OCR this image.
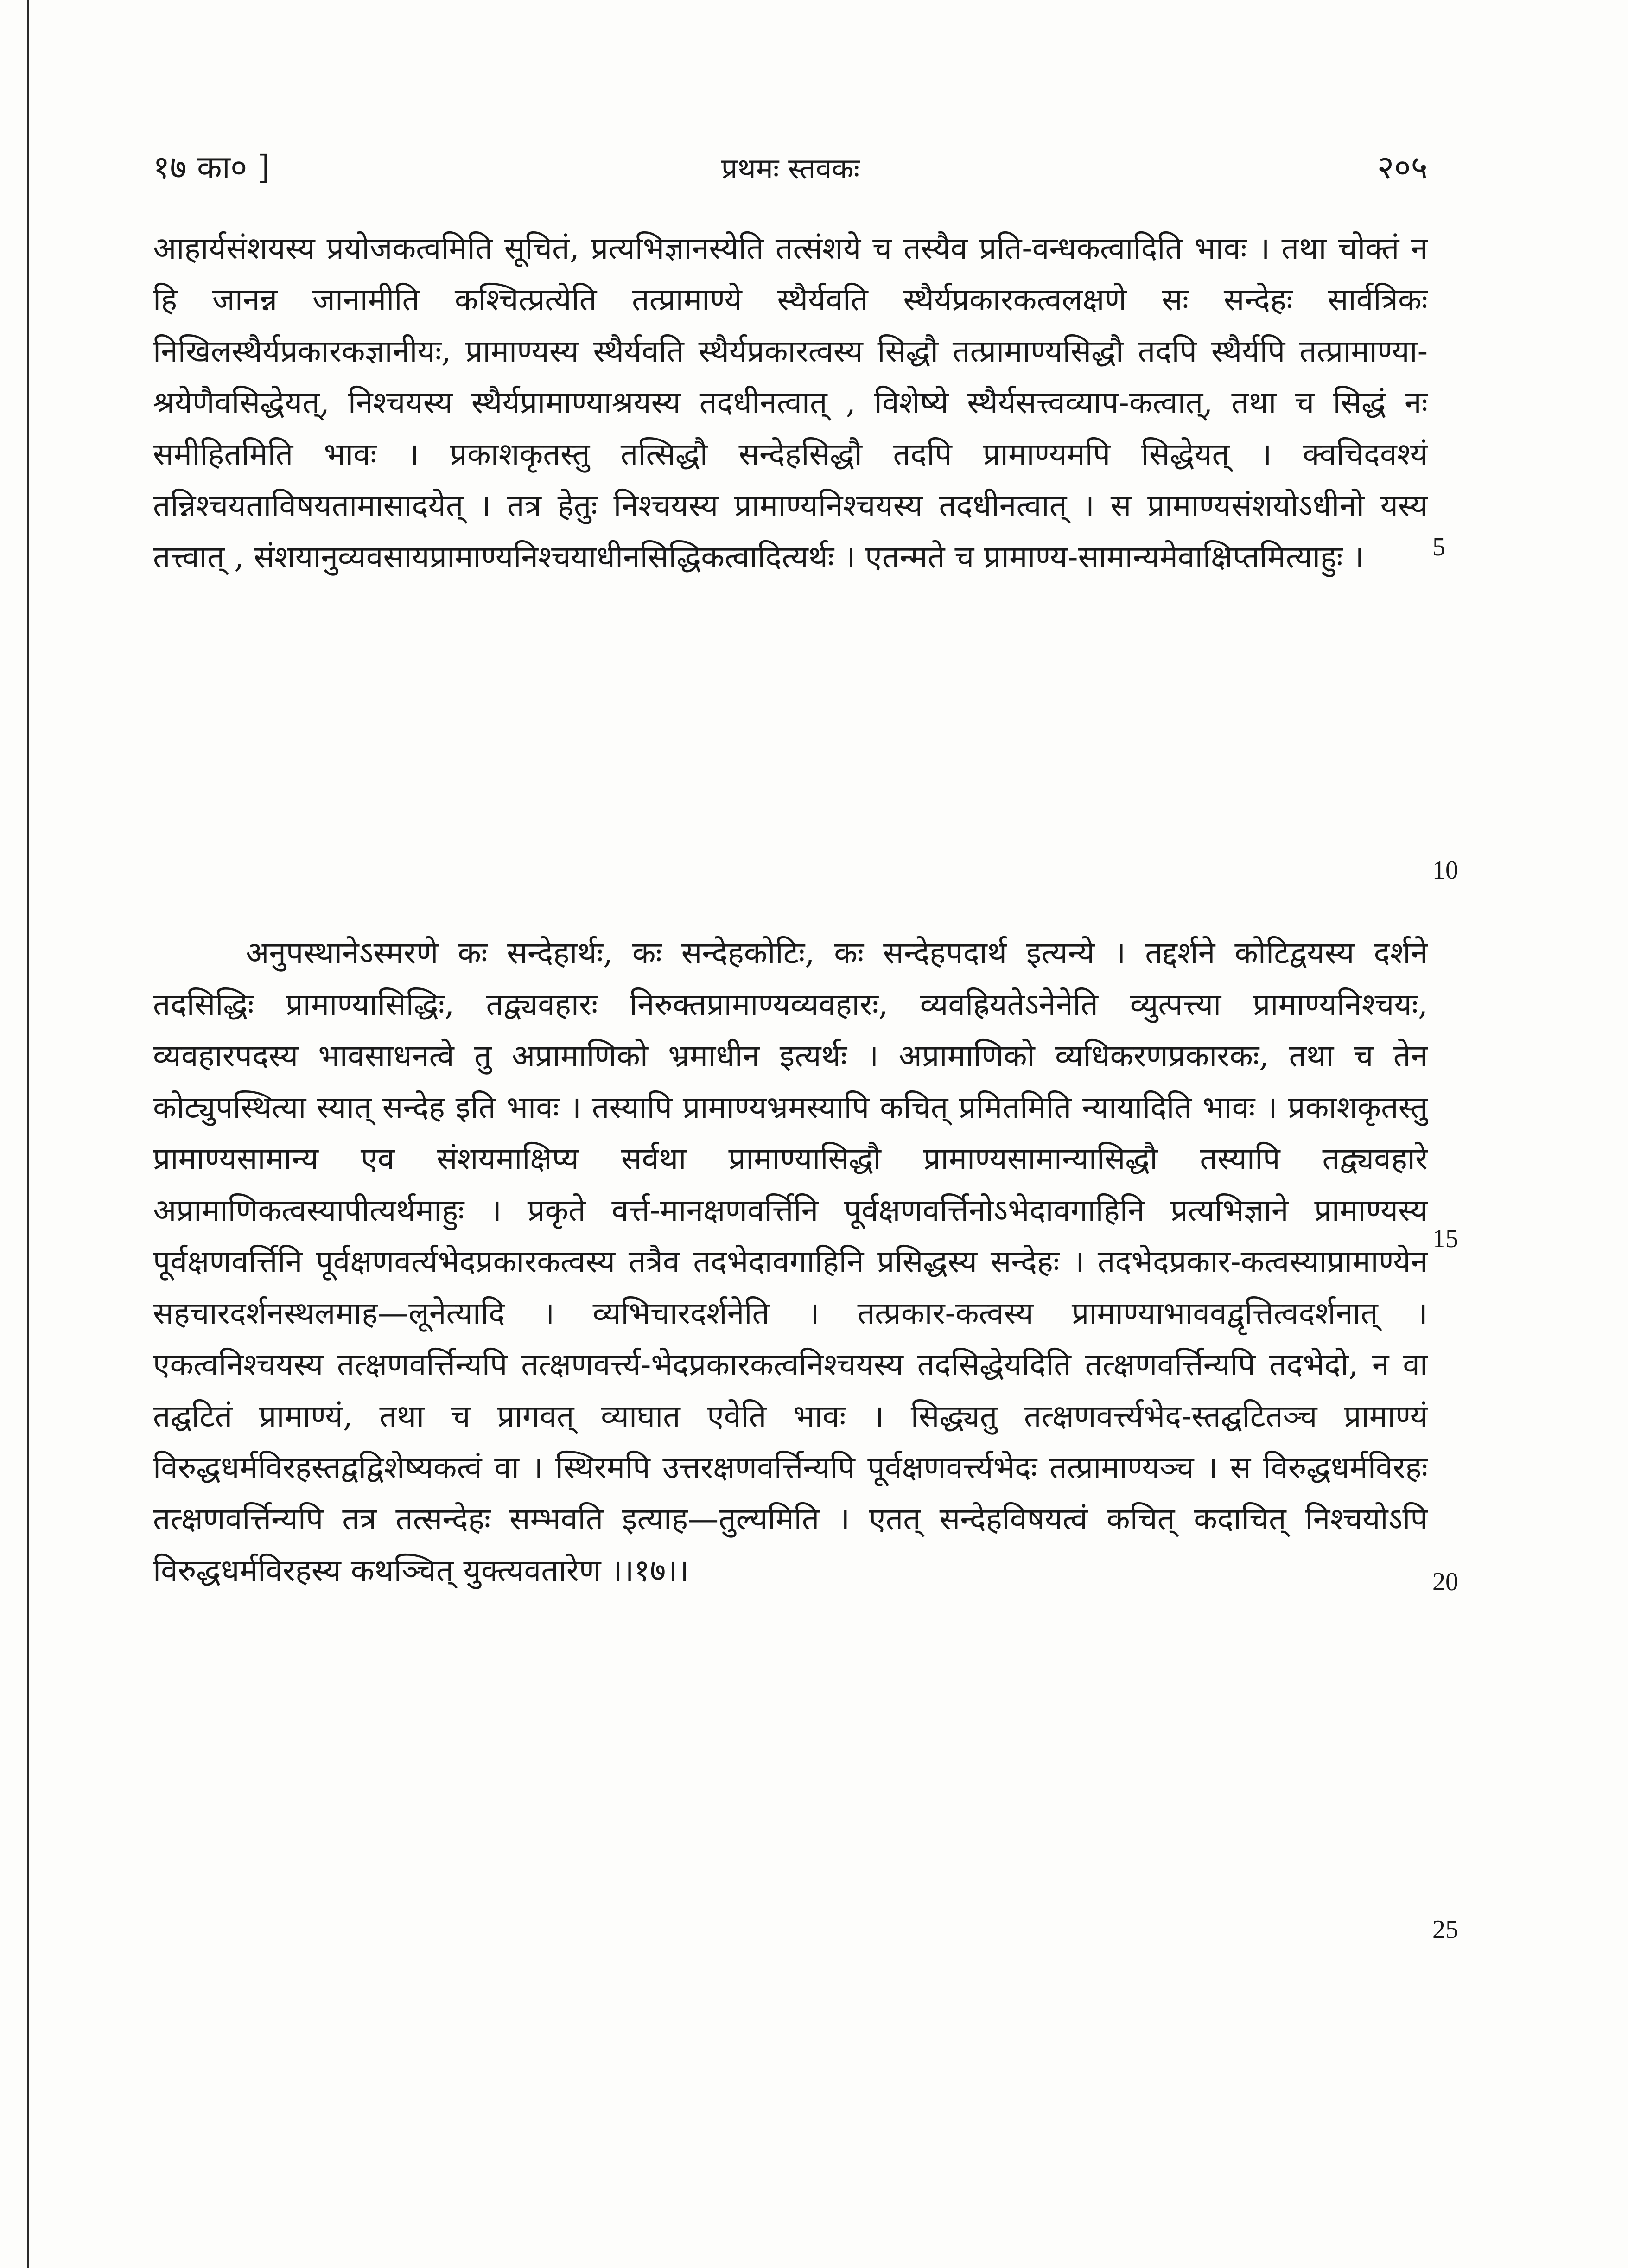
१७ का० ]	प्रथमः स्तवकः	२०५
आहार्यसंशयस्य प्रयोजकत्वमिति सूचितं, प्रत्यभिज्ञानस्येति तत्संशये च तस्यैव प्रति-वन्धकत्वादिति भावः । तथा चोक्तं न हि जानन्न जानामीति कश्चित्प्रत्येति तत्प्रामाण्ये स्थैर्यवति स्थैर्यप्रकारकत्वलक्षणे सः सन्देहः सार्वत्रिकः निखिलस्थैर्यप्रकारकज्ञानीयः, प्रामाण्यस्य स्थैर्यवति स्थैर्यप्रकारत्वस्य सिद्धौ तत्प्रामाण्यसिद्धौ तदपि स्थैर्यपि तत्प्रामाण्या-श्रयेणैवसिद्धेयत्, निश्चयस्य स्थैर्यप्रामाण्याश्रयस्य तदधीनत्वात् , विशेष्ये स्थैर्यसत्त्वव्याप-कत्वात्, तथा च सिद्धं नः समीहितमिति भावः । प्रकाशकृतस्तु तत्सिद्धौ सन्देहसिद्धौ तदपि प्रामाण्यमपि सिद्धेयत् । क्वचिदवश्यं तन्निश्चयताविषयतामासादयेत् । तत्र हेतुः निश्चयस्य प्रामाण्यनिश्चयस्य तदधीनत्वात् । स प्रामाण्यसंशयोऽधीनो यस्य तत्त्वात् , संशयानुव्यवसायप्रामाण्यनिश्चयाधीनसिद्धिकत्वादित्यर्थः । एतन्मते च प्रामाण्य-सामान्यमेवाक्षिप्तमित्याहुः ।
अनुपस्थानेऽस्मरणे कः सन्देहार्थः, कः सन्देहकोटिः, कः सन्देहपदार्थ इत्यन्ये । तद्दर्शने कोटिद्वयस्य दर्शने तदसिद्धिः प्रामाण्यासिद्धिः, तद्व्यवहारः निरुक्तप्रामाण्यव्यवहारः, व्यवह्रियतेऽनेनेति व्युत्पत्त्या प्रामाण्यनिश्चयः, व्यवहारपदस्य भावसाधनत्वे तु अप्रामाणिको भ्रमाधीन इत्यर्थः । अप्रामाणिको व्यधिकरणप्रकारकः, तथा च तेन कोट्युपस्थित्या स्यात् सन्देह इति भावः । तस्यापि प्रामाण्यभ्रमस्यापि कचित् प्रमितमिति न्यायादिति भावः । प्रकाशकृतस्तु प्रामाण्यसामान्य एव संशयमाक्षिप्य सर्वथा प्रामाण्यासिद्धौ प्रामाण्यसामान्यासिद्धौ तस्यापि तद्व्यवहारे अप्रामाणिकत्वस्यापीत्यर्थमाहुः । प्रकृते वर्त्त-मानक्षणवर्त्तिनि पूर्वक्षणवर्त्तिनोऽभेदावगाहिनि प्रत्यभिज्ञाने प्रामाण्यस्य पूर्वक्षणवर्त्तिनि पूर्वक्षणवर्त्यभेदप्रकारकत्वस्य तत्रैव तदभेदावगाहिनि प्रसिद्धस्य सन्देहः । तदभेदप्रकार-कत्वस्याप्रामाण्येन सहचारदर्शनस्थलमाह—लूनेत्यादि । व्यभिचारदर्शनेति । तत्प्रकार-कत्वस्य प्रामाण्याभाववद्वृत्तित्वदर्शनात् । एकत्वनिश्चयस्य तत्क्षणवर्त्तिन्यपि तत्क्षणवर्त्त्य-भेदप्रकारकत्वनिश्चयस्य तदसिद्धेयदिति तत्क्षणवर्त्तिन्यपि तदभेदो, न वा तद्घटितं प्रामाण्यं, तथा च प्रागवत् व्याघात एवेति भावः । सिद्ध्यतु तत्क्षणवर्त्त्यभेद-स्तद्घटितञ्च प्रामाण्यं विरुद्धधर्मविरहस्तद्वद्विशेष्यकत्वं वा । स्थिरमपि उत्तरक्षणवर्त्तिन्यपि पूर्वक्षणवर्त्त्यभेदः तत्प्रामाण्यञ्च । स विरुद्धधर्मविरहः तत्क्षणवर्त्तिन्यपि तत्र तत्सन्देहः सम्भवति इत्याह—तुल्यमिति । एतत् सन्देहविषयत्वं कचित् कदाचित् निश्चयोऽपि विरुद्धधर्मविरहस्य कथञ्चित् युक्त्यवतारेण ।।१७।।
5
10
15
20
25
